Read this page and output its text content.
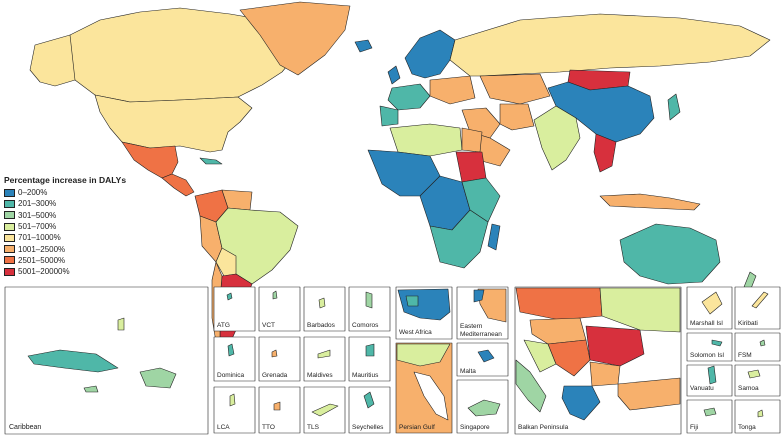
Caribbean
ATG	VCT	Barbados	Comoros
Dominica	Grenada	Maldives	Mauritius
LCA	TTO	TLS	Seychelles
West Africa
Eastern
Mediterranean
Malta
Persian Gulf	Singapore	Balkan Peninsula
Marshall Isl Kiribati
Solomon Isl FSM
Vanuatu	Samoa
Fiji	Tonga
Percentage increase in DALYs
0–200%
201–300%
301–500%
501–700%
701–1000%
1001–2500%
2501–5000%
5001–20000%
